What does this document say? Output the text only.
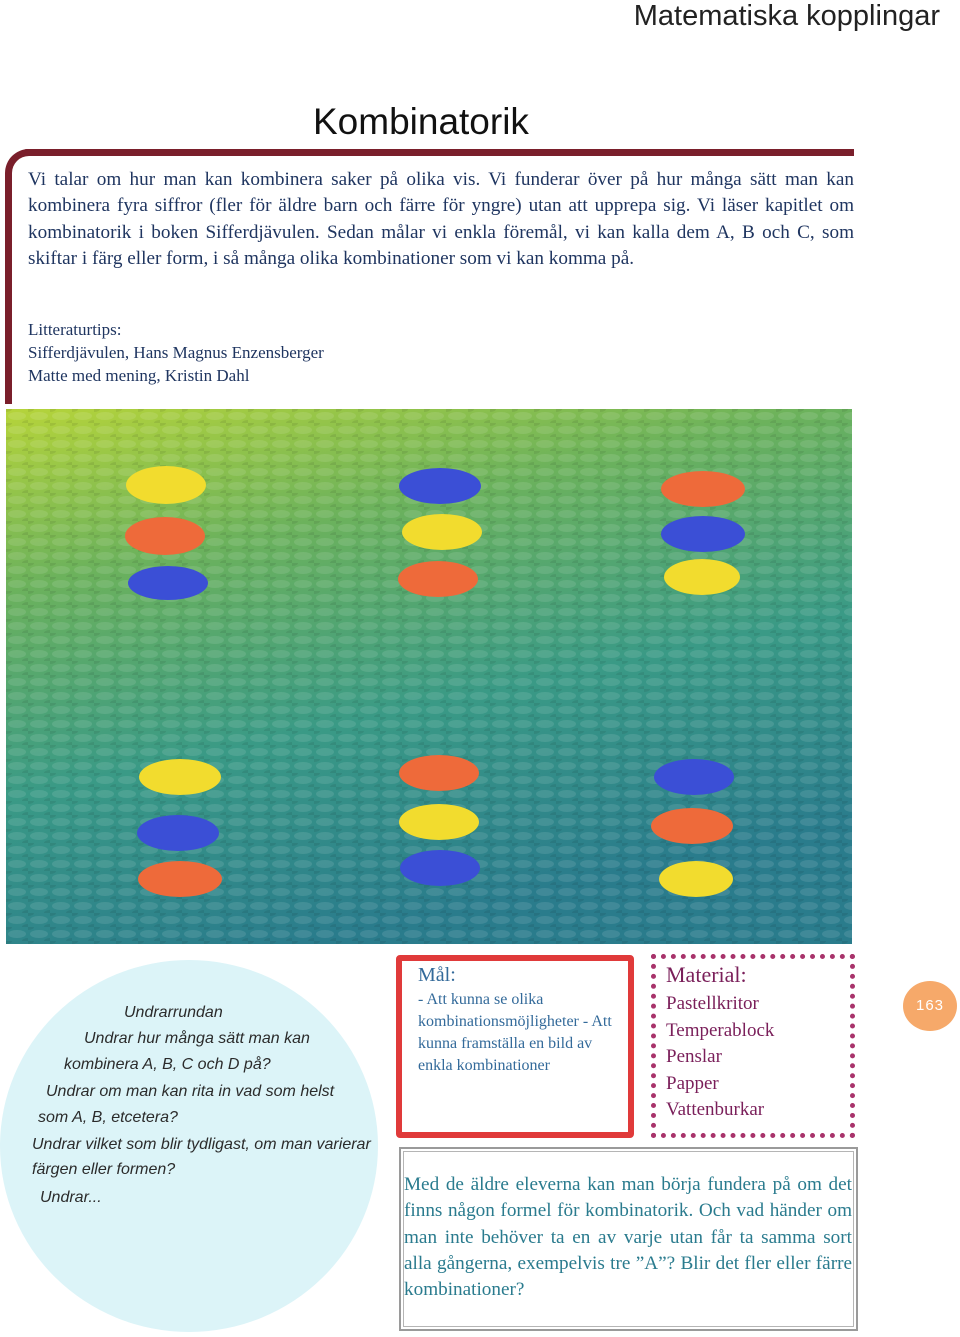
Matematiska kopplingar
Kombinatorik
Vi talar om hur man kan kombinera saker på olika vis. Vi funderar över på hur många sätt man kan kombinera fyra siffror (fler för äldre barn och färre för yngre) utan att upprepa sig. Vi läser kapitlet om kombinatorik i boken Sifferdjävulen. Sedan målar vi enkla föremål, vi kan kalla dem A, B och C, som skiftar i färg eller form, i så många olika kombinationer som vi kan komma på.
Litteraturtips:
Sifferdjävulen, Hans Magnus Enzensberger
Matte med mening, Kristin Dahl
Undrarrundan
Undrar hur många sätt man kan
kombinera A, B, C och D på?
Undrar om man kan rita in vad som helst
som A, B, etcetera?
Undrar vilket som blir tydligast, om man varierar
färgen eller formen?
Undrar...
Mål:
- Att kunna se olika kombinationsmöjligheter - Att kunna framställa en bild av enkla kombinationer
Material:
Pastellkritor
Temperablock
Penslar
Papper
Vattenburkar
163
Med de äldre eleverna kan man börja fundera på om det finns någon formel för kombinatorik. Och vad händer om man inte behöver ta en av varje utan får ta samma sort alla gångerna, exempelvis tre ”A”? Blir det fler eller färre kombinationer?
